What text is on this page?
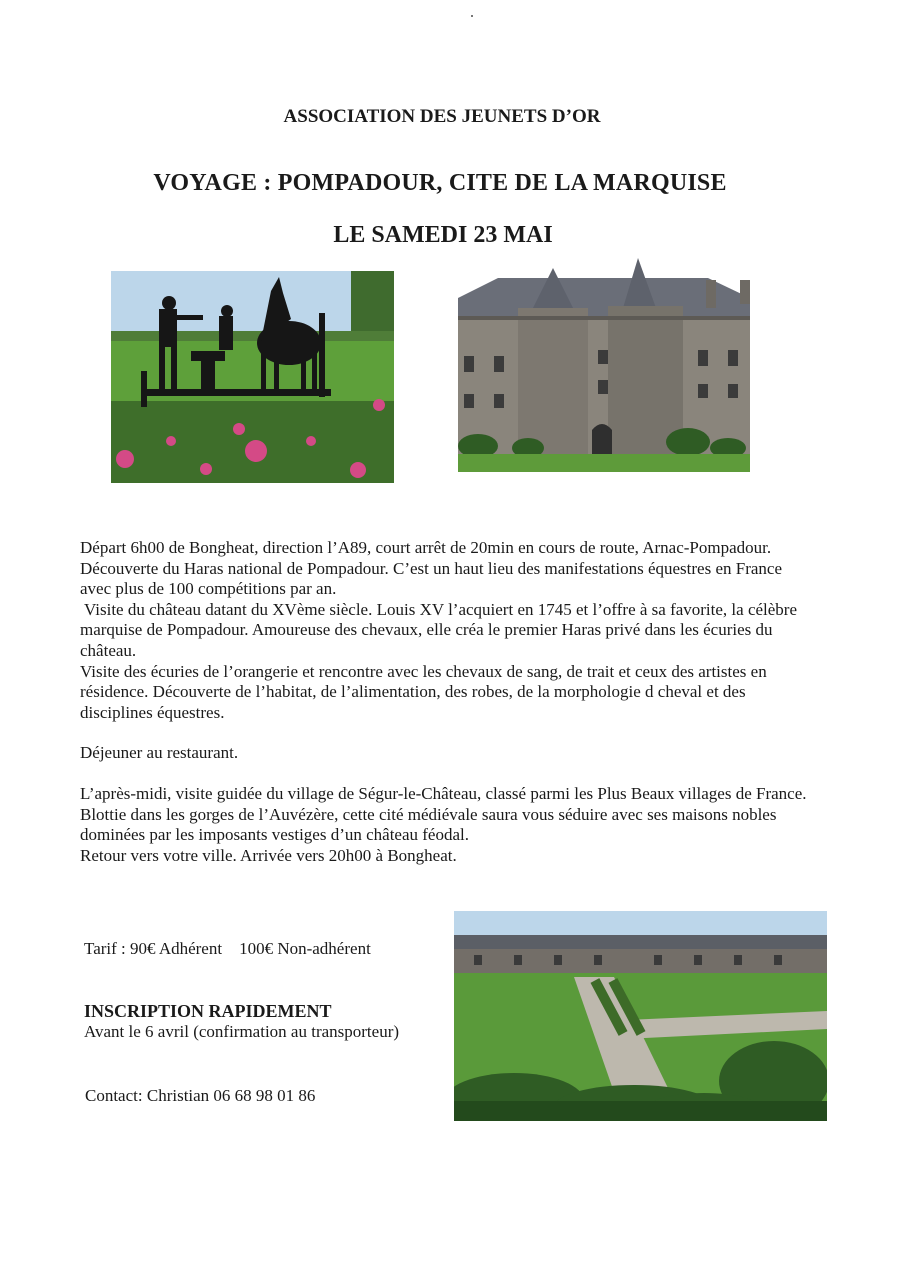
ASSOCIATION DES JEUNETS D’OR
VOYAGE : POMPADOUR, CITE DE LA MARQUISE
LE SAMEDI 23 MAI

Départ 6h00 de Bongheat, direction l’A89, court arrêt de 20min en cours de route, Arnac-Pompadour.

Découverte du Haras national de Pompadour. C’est un haut lieu des manifestations équestres en France avec plus de 100 compétitions par an.

Visite du château datant du XVème siècle. Louis XV l’acquiert en 1745 et l’offre à sa favorite, la célèbre marquise de Pompadour. Amoureuse des chevaux, elle créa le premier Haras privé dans les écuries du château.

Visite des écuries de l’orangerie et rencontre avec les chevaux de sang, de trait et ceux des artistes en résidence. Découverte de l’habitat, de l’alimentation, des robes, de la morphologie d cheval et des disciplines équestres.

Déjeuner au restaurant.

L’après-midi, visite guidée du village de Ségur-le-Château, classé parmi les Plus Beaux villages de France. Blottie dans les gorges de l’Auvézère, cette cité médiévale saura vous séduire avec ses maisons nobles dominées par les imposants vestiges d’un château féodal.

Retour vers votre ville. Arrivée vers 20h00 à Bongheat.

Tarif : 90€ Adhérent 100€ Non-adhérent
INSCRIPTION RAPIDEMENT
Avant le 6 avril (confirmation au transporteur)
Contact: Christian 06 68 98 01 86
